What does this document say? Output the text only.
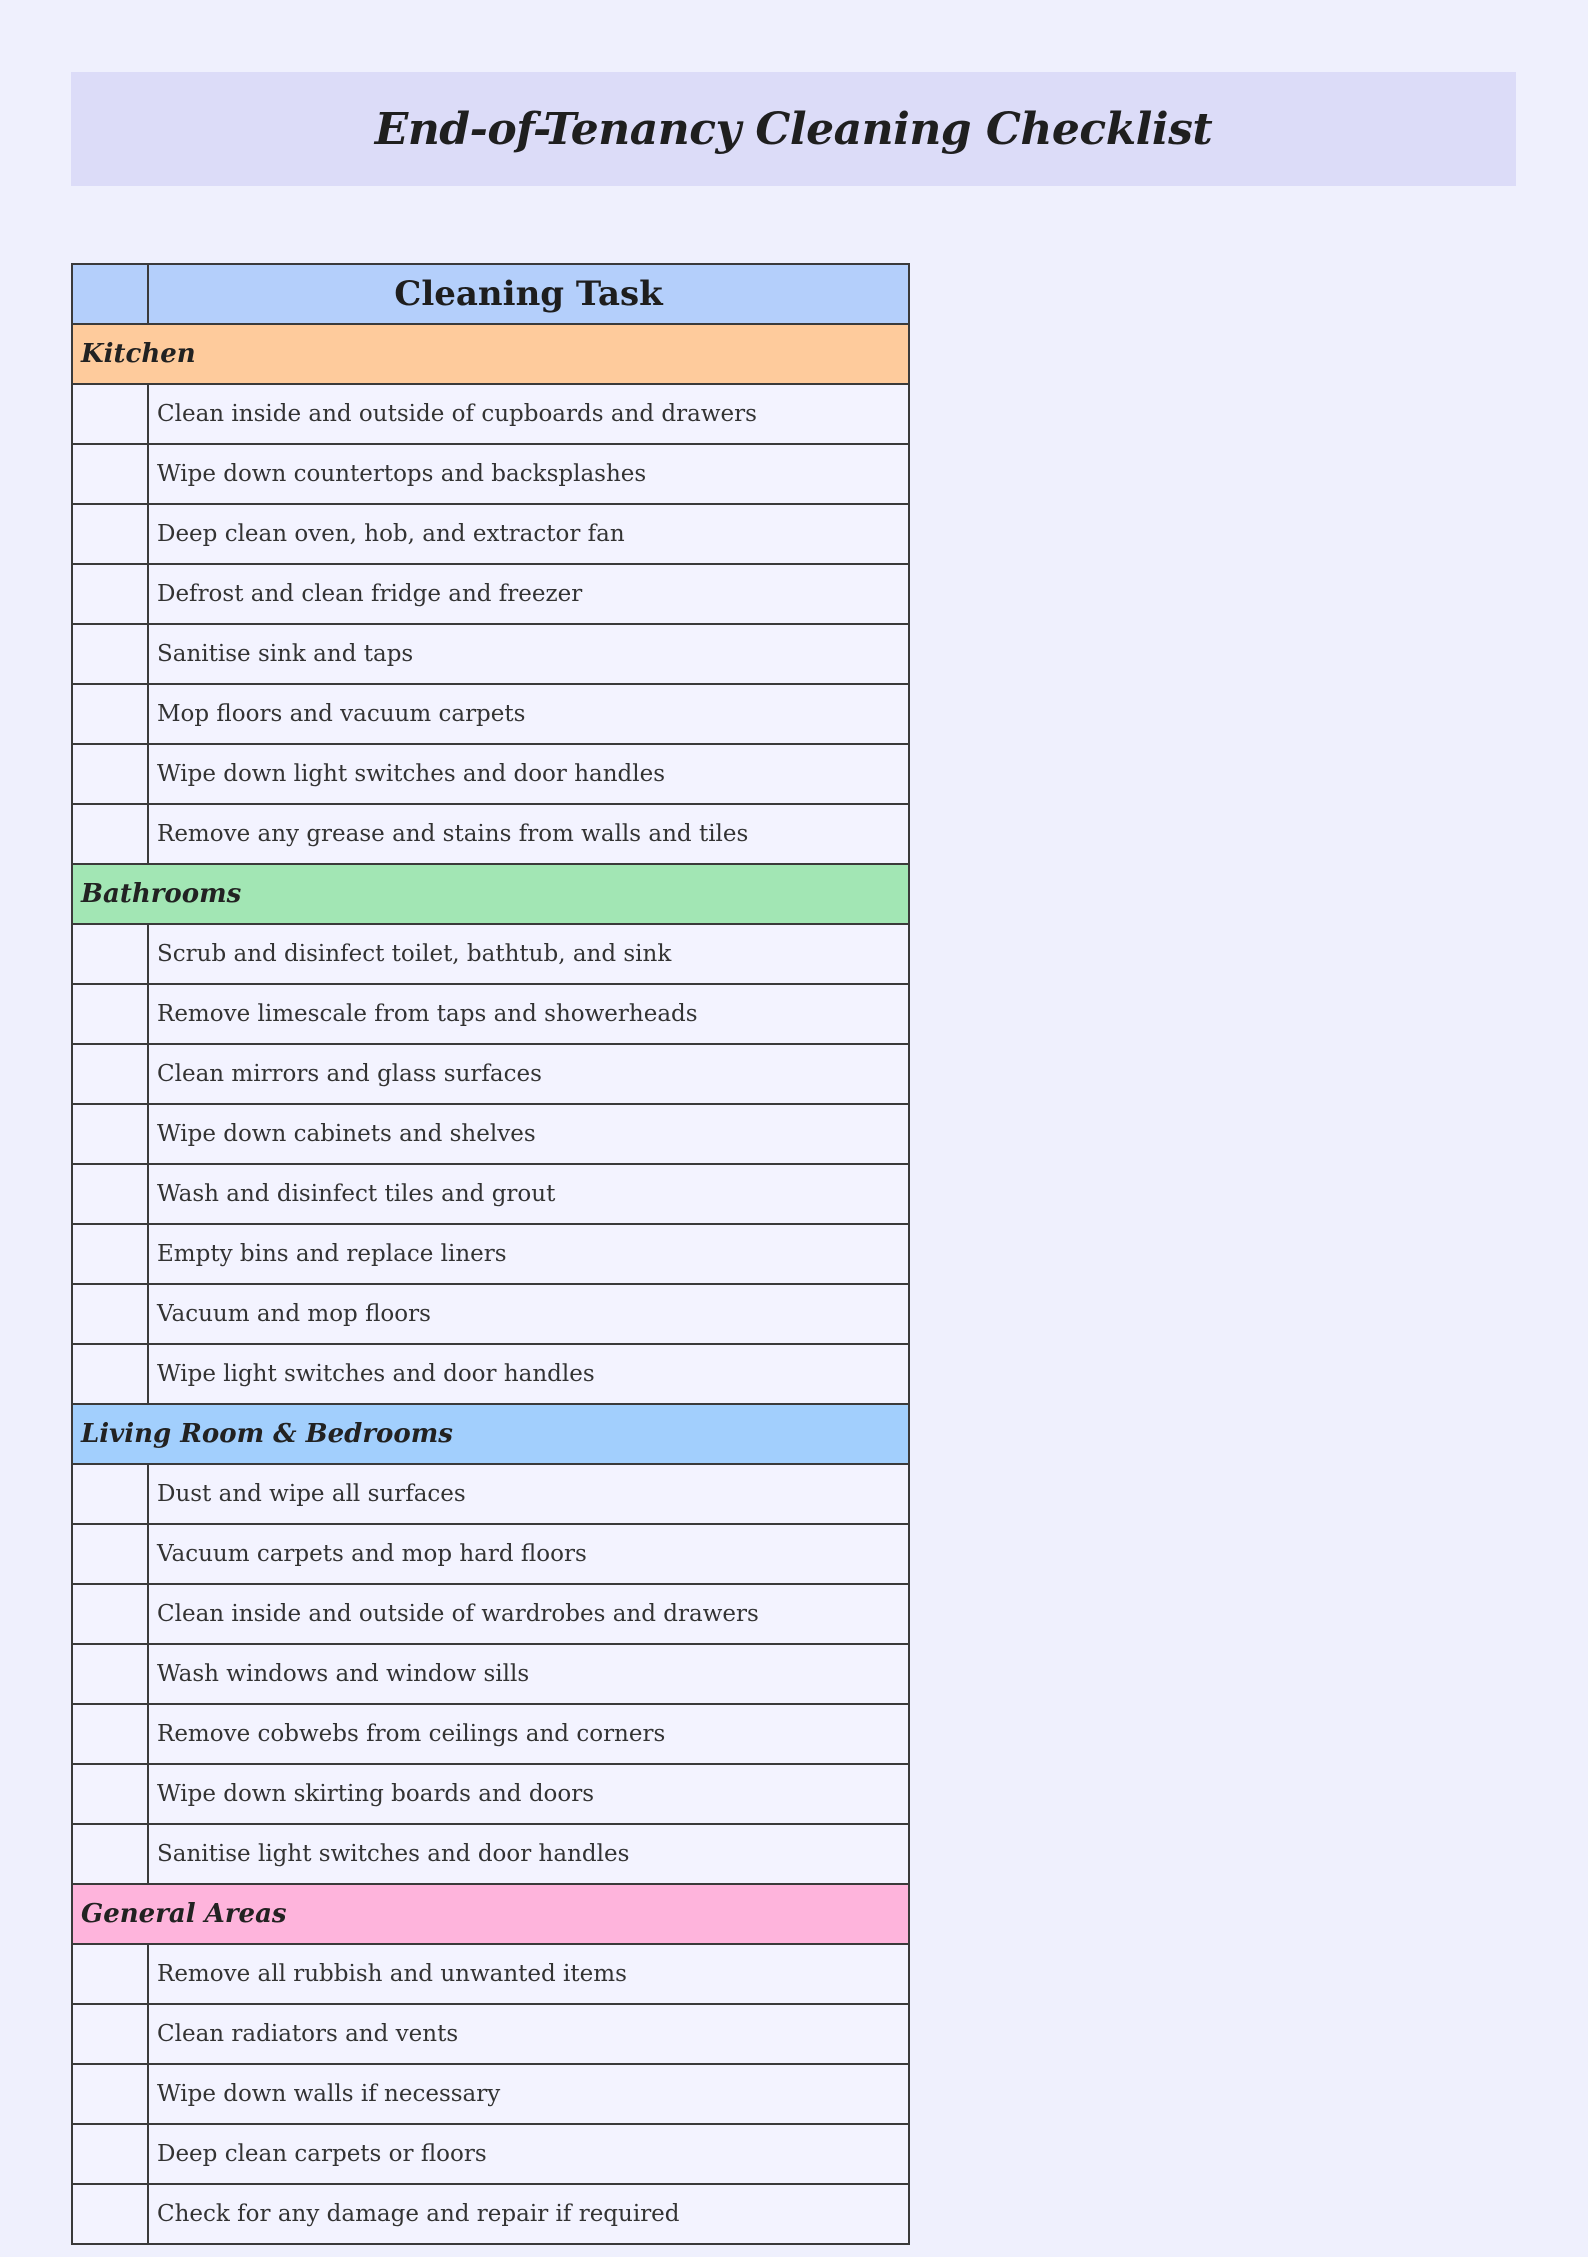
End-of-Tenancy Cleaning Checklist
	Cleaning Task
Kitchen	

	Clean inside and outside of cupboards and drawers

	Wipe down countertops and backsplashes

	Deep clean oven, hob, and extractor fan

	Defrost and clean fridge and freezer

	Sanitise sink and taps

	Mop floors and vacuum carpets

	Wipe down light switches and door handles

	Remove any grease and stains from walls and tiles
Bathrooms	

	Scrub and disinfect toilet, bathtub, and sink

	Remove limescale from taps and showerheads

	Clean mirrors and glass surfaces

	Wipe down cabinets and shelves

	Wash and disinfect tiles and grout

	Empty bins and replace liners

	Vacuum and mop floors

	Wipe light switches and door handles
Living Room & Bedrooms	

	Dust and wipe all surfaces

	Vacuum carpets and mop hard floors

	Clean inside and outside of wardrobes and drawers

	Wash windows and window sills

	Remove cobwebs from ceilings and corners

	Wipe down skirting boards and doors

	Sanitise light switches and door handles
General Areas	

	Remove all rubbish and unwanted items

	Clean radiators and vents

	Wipe down walls if necessary

	Deep clean carpets or floors

	Check for any damage and repair if required
